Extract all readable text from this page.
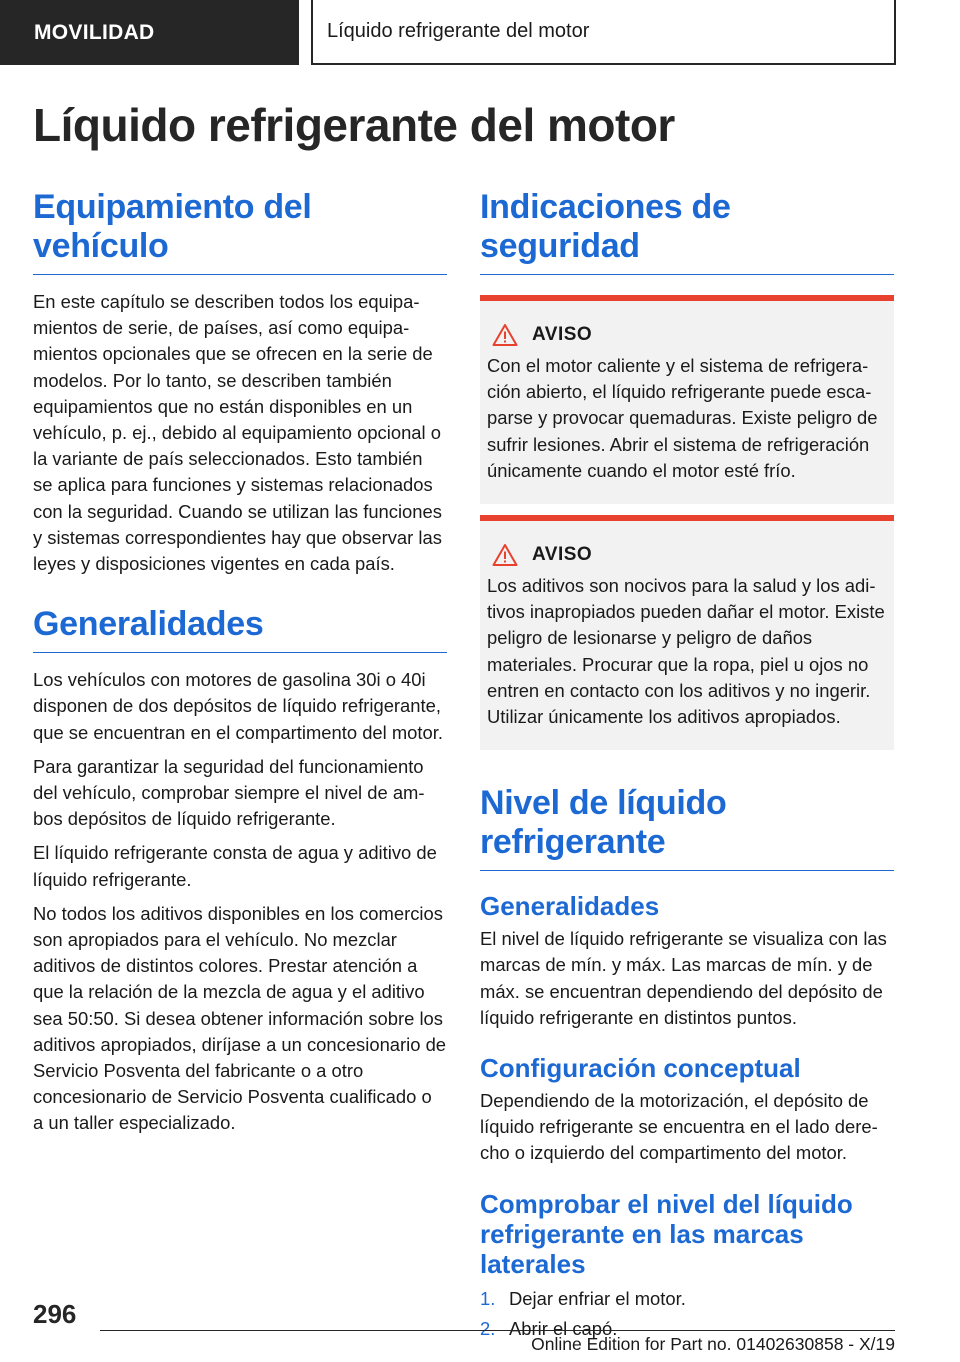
MOVILIDAD	Líquido refrigerante del motor
Líquido refrigerante del motor
Equipamiento del vehículo

En este capítulo se describen todos los equipamientos de serie, de países, así como equipamientos opcionales que se ofrecen en la serie de modelos. Por lo tanto, se describen también equipamientos que no están disponibles en un vehículo, p. ej., debido al equipamiento opcional o la variante de país seleccionados. Esto también se aplica para funciones y sistemas relacionados con la seguridad. Cuando se utilizan las funciones y sistemas correspondientes hay que observar las leyes y disposiciones vigentes en cada país.

Generalidades

Los vehículos con motores de gasolina 30i o 40i disponen de dos depósitos de líquido refrigerante, que se encuentran en el compartimento del motor.

Para garantizar la seguridad del funcionamiento del vehículo, comprobar siempre el nivel de ambos depósitos de líquido refrigerante.

El líquido refrigerante consta de agua y aditivo de líquido refrigerante.

No todos los aditivos disponibles en los comercios son apropiados para el vehículo. No mezclar aditivos de distintos colores. Prestar atención a que la relación de la mezcla de agua y el aditivo sea 50:50. Si desea obtener información sobre los aditivos apropiados, diríjase a un concesionario de Servicio Posventa del fabricante o a otro concesionario de Servicio Posventa cualificado o a un taller especializado.

Indicaciones de seguridad
AVISO

Con el motor caliente y el sistema de refrigeración abierto, el líquido refrigerante puede escaparse y provocar quemaduras. Existe peligro de sufrir lesiones. Abrir el sistema de refrigeración únicamente cuando el motor esté frío.

AVISO

Los aditivos son nocivos para la salud y los aditivos inapropiados pueden dañar el motor. Existe peligro de lesionarse y peligro de daños materiales. Procurar que la ropa, piel u ojos no entren en contacto con los aditivos y no ingerir. Utilizar únicamente los aditivos apropiados.

Nivel de líquido refrigerante
Generalidades

El nivel de líquido refrigerante se visualiza con las marcas de mín. y máx. Las marcas de mín. y de máx. se encuentran dependiendo del depósito de líquido refrigerante en distintos puntos.

Configuración conceptual

Dependiendo de la motorización, el depósito de líquido refrigerante se encuentra en el lado derecho o izquierdo del compartimento del motor.

Comprobar el nivel del líquido refrigerante en las marcas laterales
1. Dejar enfriar el motor.
2. Abrir el capó.
296
Online Edition for Part no. 01402630858 - X/19
